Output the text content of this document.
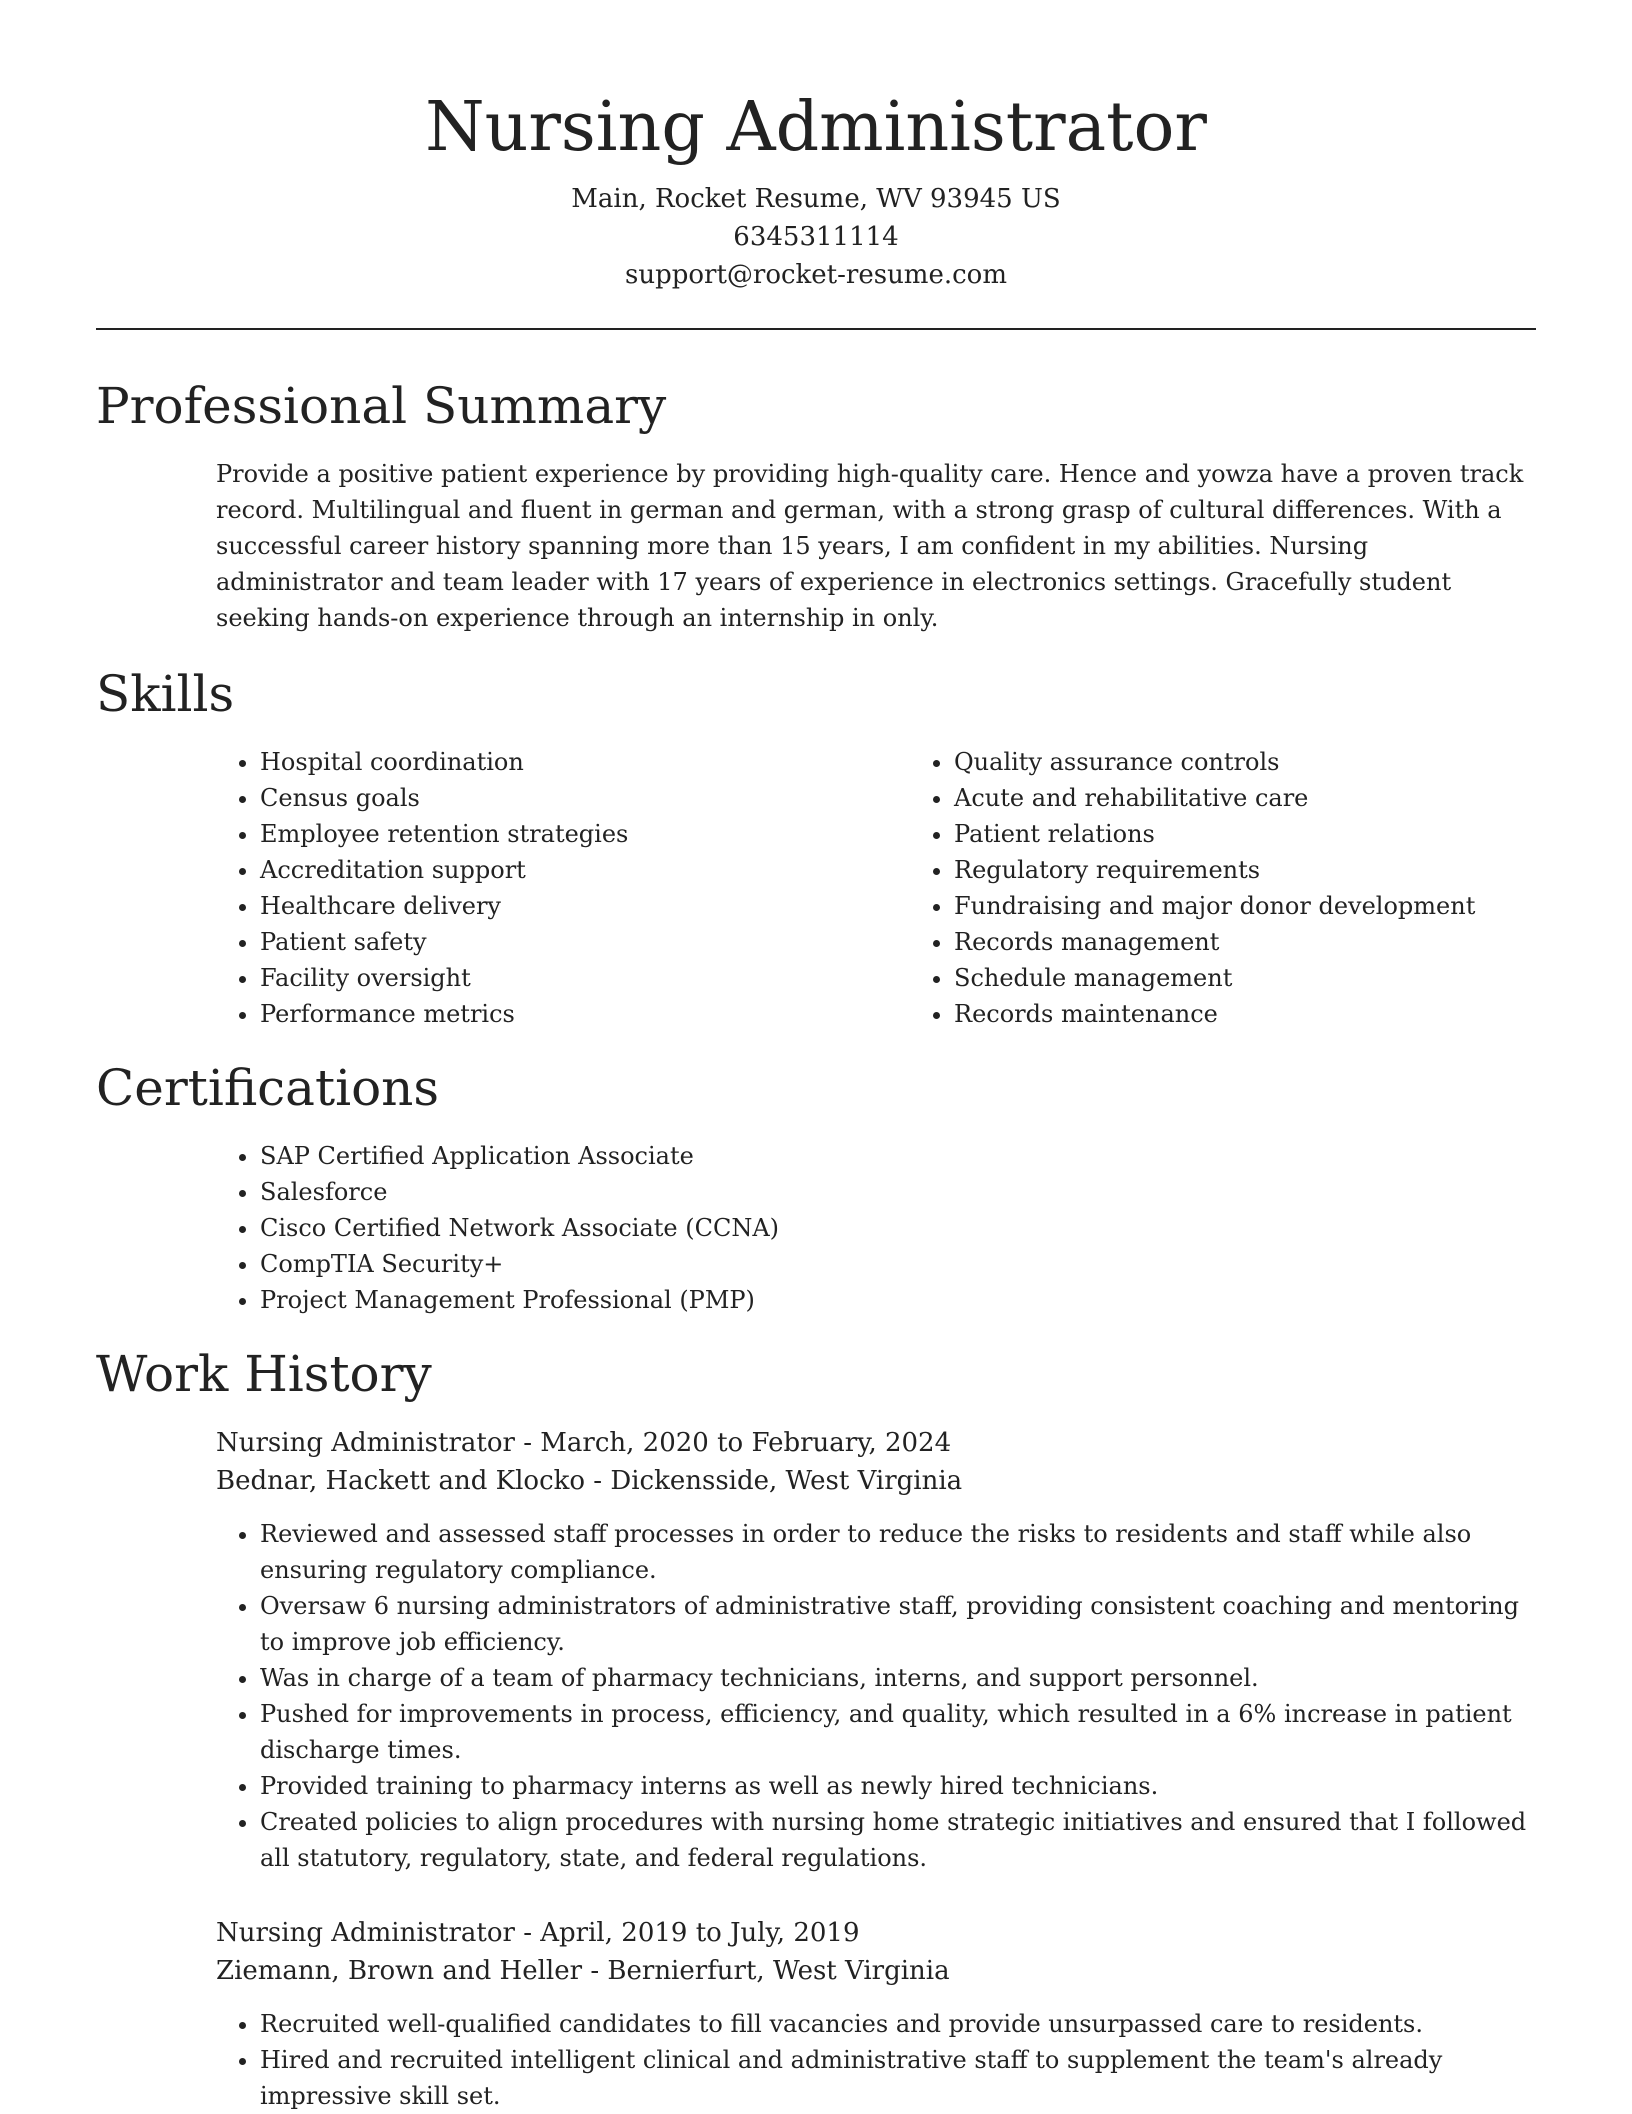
Nursing Administrator
Main, Rocket Resume, WV 93945 US
6345311114
support@rocket-resume.com
Professional Summary

Provide a positive patient experience by providing high-quality care. Hence and yowza have a proven track record. Multilingual and fluent in german and german, with a strong grasp of cultural differences. With a successful career history spanning more than 15 years, I am confident in my abilities. Nursing administrator and team leader with 17 years of experience in electronics settings. Gracefully student seeking hands-on experience through an internship in only.

Skills
• Hospital coordination
• Census goals
• Employee retention strategies
• Accreditation support
• Healthcare delivery
• Patient safety
• Facility oversight
• Performance metrics
• Quality assurance controls
• Acute and rehabilitative care
• Patient relations
• Regulatory requirements
• Fundraising and major donor development
• Records management
• Schedule management
• Records maintenance
Certifications
• SAP Certified Application Associate
• Salesforce
• Cisco Certified Network Associate (CCNA)
• CompTIA Security+
• Project Management Professional (PMP)
Work History
Nursing Administrator - March, 2020 to February, 2024
Bednar, Hackett and Klocko - Dickensside, West Virginia
• Reviewed and assessed staff processes in order to reduce the risks to residents and staff while also ensuring regulatory compliance.
• Oversaw 6 nursing administrators of administrative staff, providing consistent coaching and mentoring to improve job efficiency.
• Was in charge of a team of pharmacy technicians, interns, and support personnel.
• Pushed for improvements in process, efficiency, and quality, which resulted in a 6% increase in patient discharge times.
• Provided training to pharmacy interns as well as newly hired technicians.
• Created policies to align procedures with nursing home strategic initiatives and ensured that I followed all statutory, regulatory, state, and federal regulations.
Nursing Administrator - April, 2019 to July, 2019
Ziemann, Brown and Heller - Bernierfurt, West Virginia
• Recruited well-qualified candidates to fill vacancies and provide unsurpassed care to residents.
• Hired and recruited intelligent clinical and administrative staff to supplement the team's already impressive skill set.
